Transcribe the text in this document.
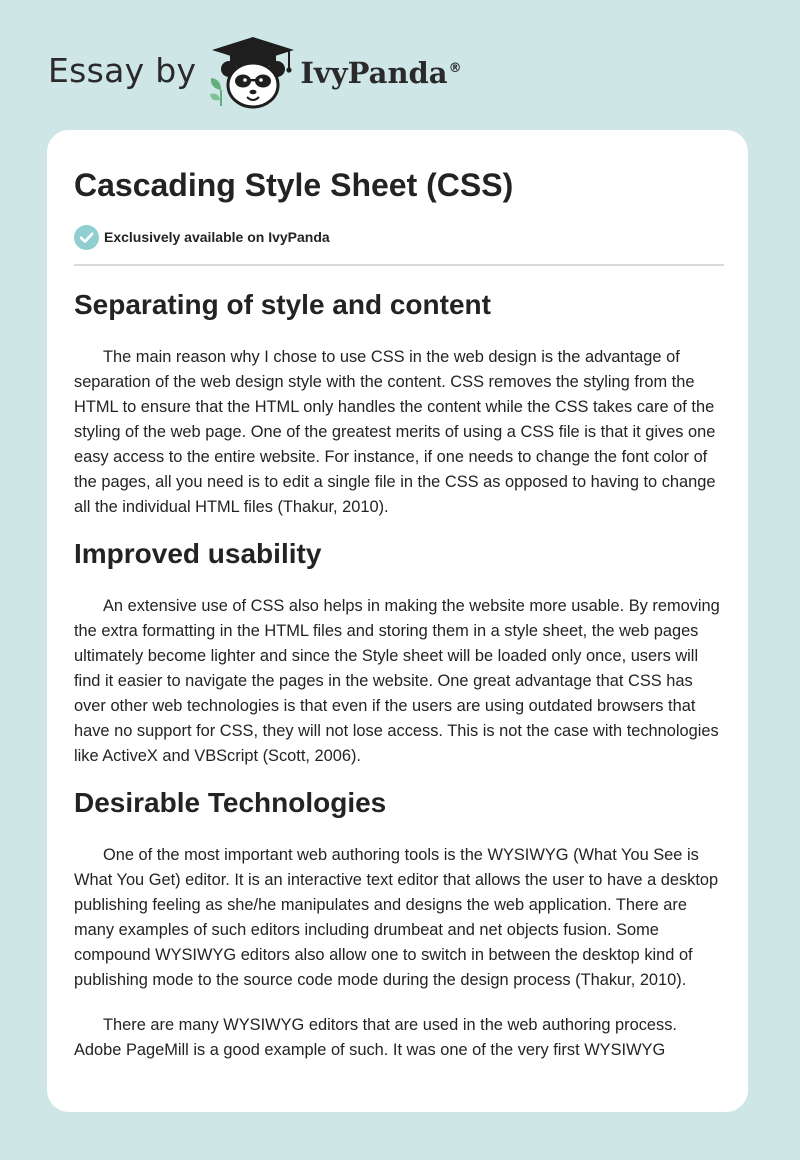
Essay by	IvyPanda®
Cascading Style Sheet (CSS)
Exclusively available on IvyPanda
Separating of style and content

The main reason why I chose to use CSS in the web design is the advantage of separation of the web design style with the content. CSS removes the styling from the HTML to ensure that the HTML only handles the content while the CSS takes care of the styling of the web page. One of the greatest merits of using a CSS file is that it gives one easy access to the entire website. For instance, if one needs to change the font color of the pages, all you need is to edit a single file in the CSS as opposed to having to change all the individual HTML files (Thakur, 2010).

Improved usability

An extensive use of CSS also helps in making the website more usable. By removing the extra formatting in the HTML files and storing them in a style sheet, the web pages ultimately become lighter and since the Style sheet will be loaded only once, users will find it easier to navigate the pages in the website. One great advantage that CSS has over other web technologies is that even if the users are using outdated browsers that have no support for CSS, they will not lose access. This is not the case with technologies like ActiveX and VBScript (Scott, 2006).

Desirable Technologies

One of the most important web authoring tools is the WYSIWYG (What You See is What You Get) editor. It is an interactive text editor that allows the user to have a desktop publishing feeling as she/he manipulates and designs the web application. There are many examples of such editors including drumbeat and net objects fusion. Some compound WYSIWYG editors also allow one to switch in between the desktop kind of publishing mode to the source code mode during the design process (Thakur, 2010).

There are many WYSIWYG editors that are used in the web authoring process. Adobe PageMill is a good example of such. It was one of the very first WYSIWYG
